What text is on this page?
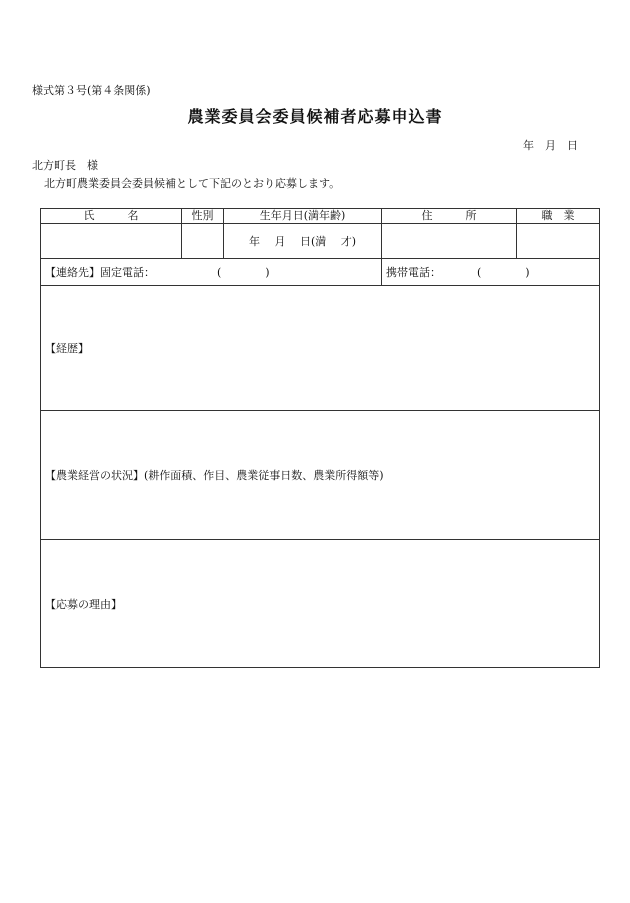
様式第３号(第４条関係)
農業委員会委員候補者応募申込書
年　月　日
北方町長　様
北方町農業委員会委員候補として下記のとおり応募します。
氏　　　名	性別	生年月日(満年齢)	住　　　所	職　業
		年　 月　 日(満　 才)		
【連絡先】固定電話： (　　　　)			携帯電話： (　　　　)	
【経歴】				
【農業経営の状況】(耕作面積、作目、農業従事日数、農業所得額等)				
【応募の理由】				
